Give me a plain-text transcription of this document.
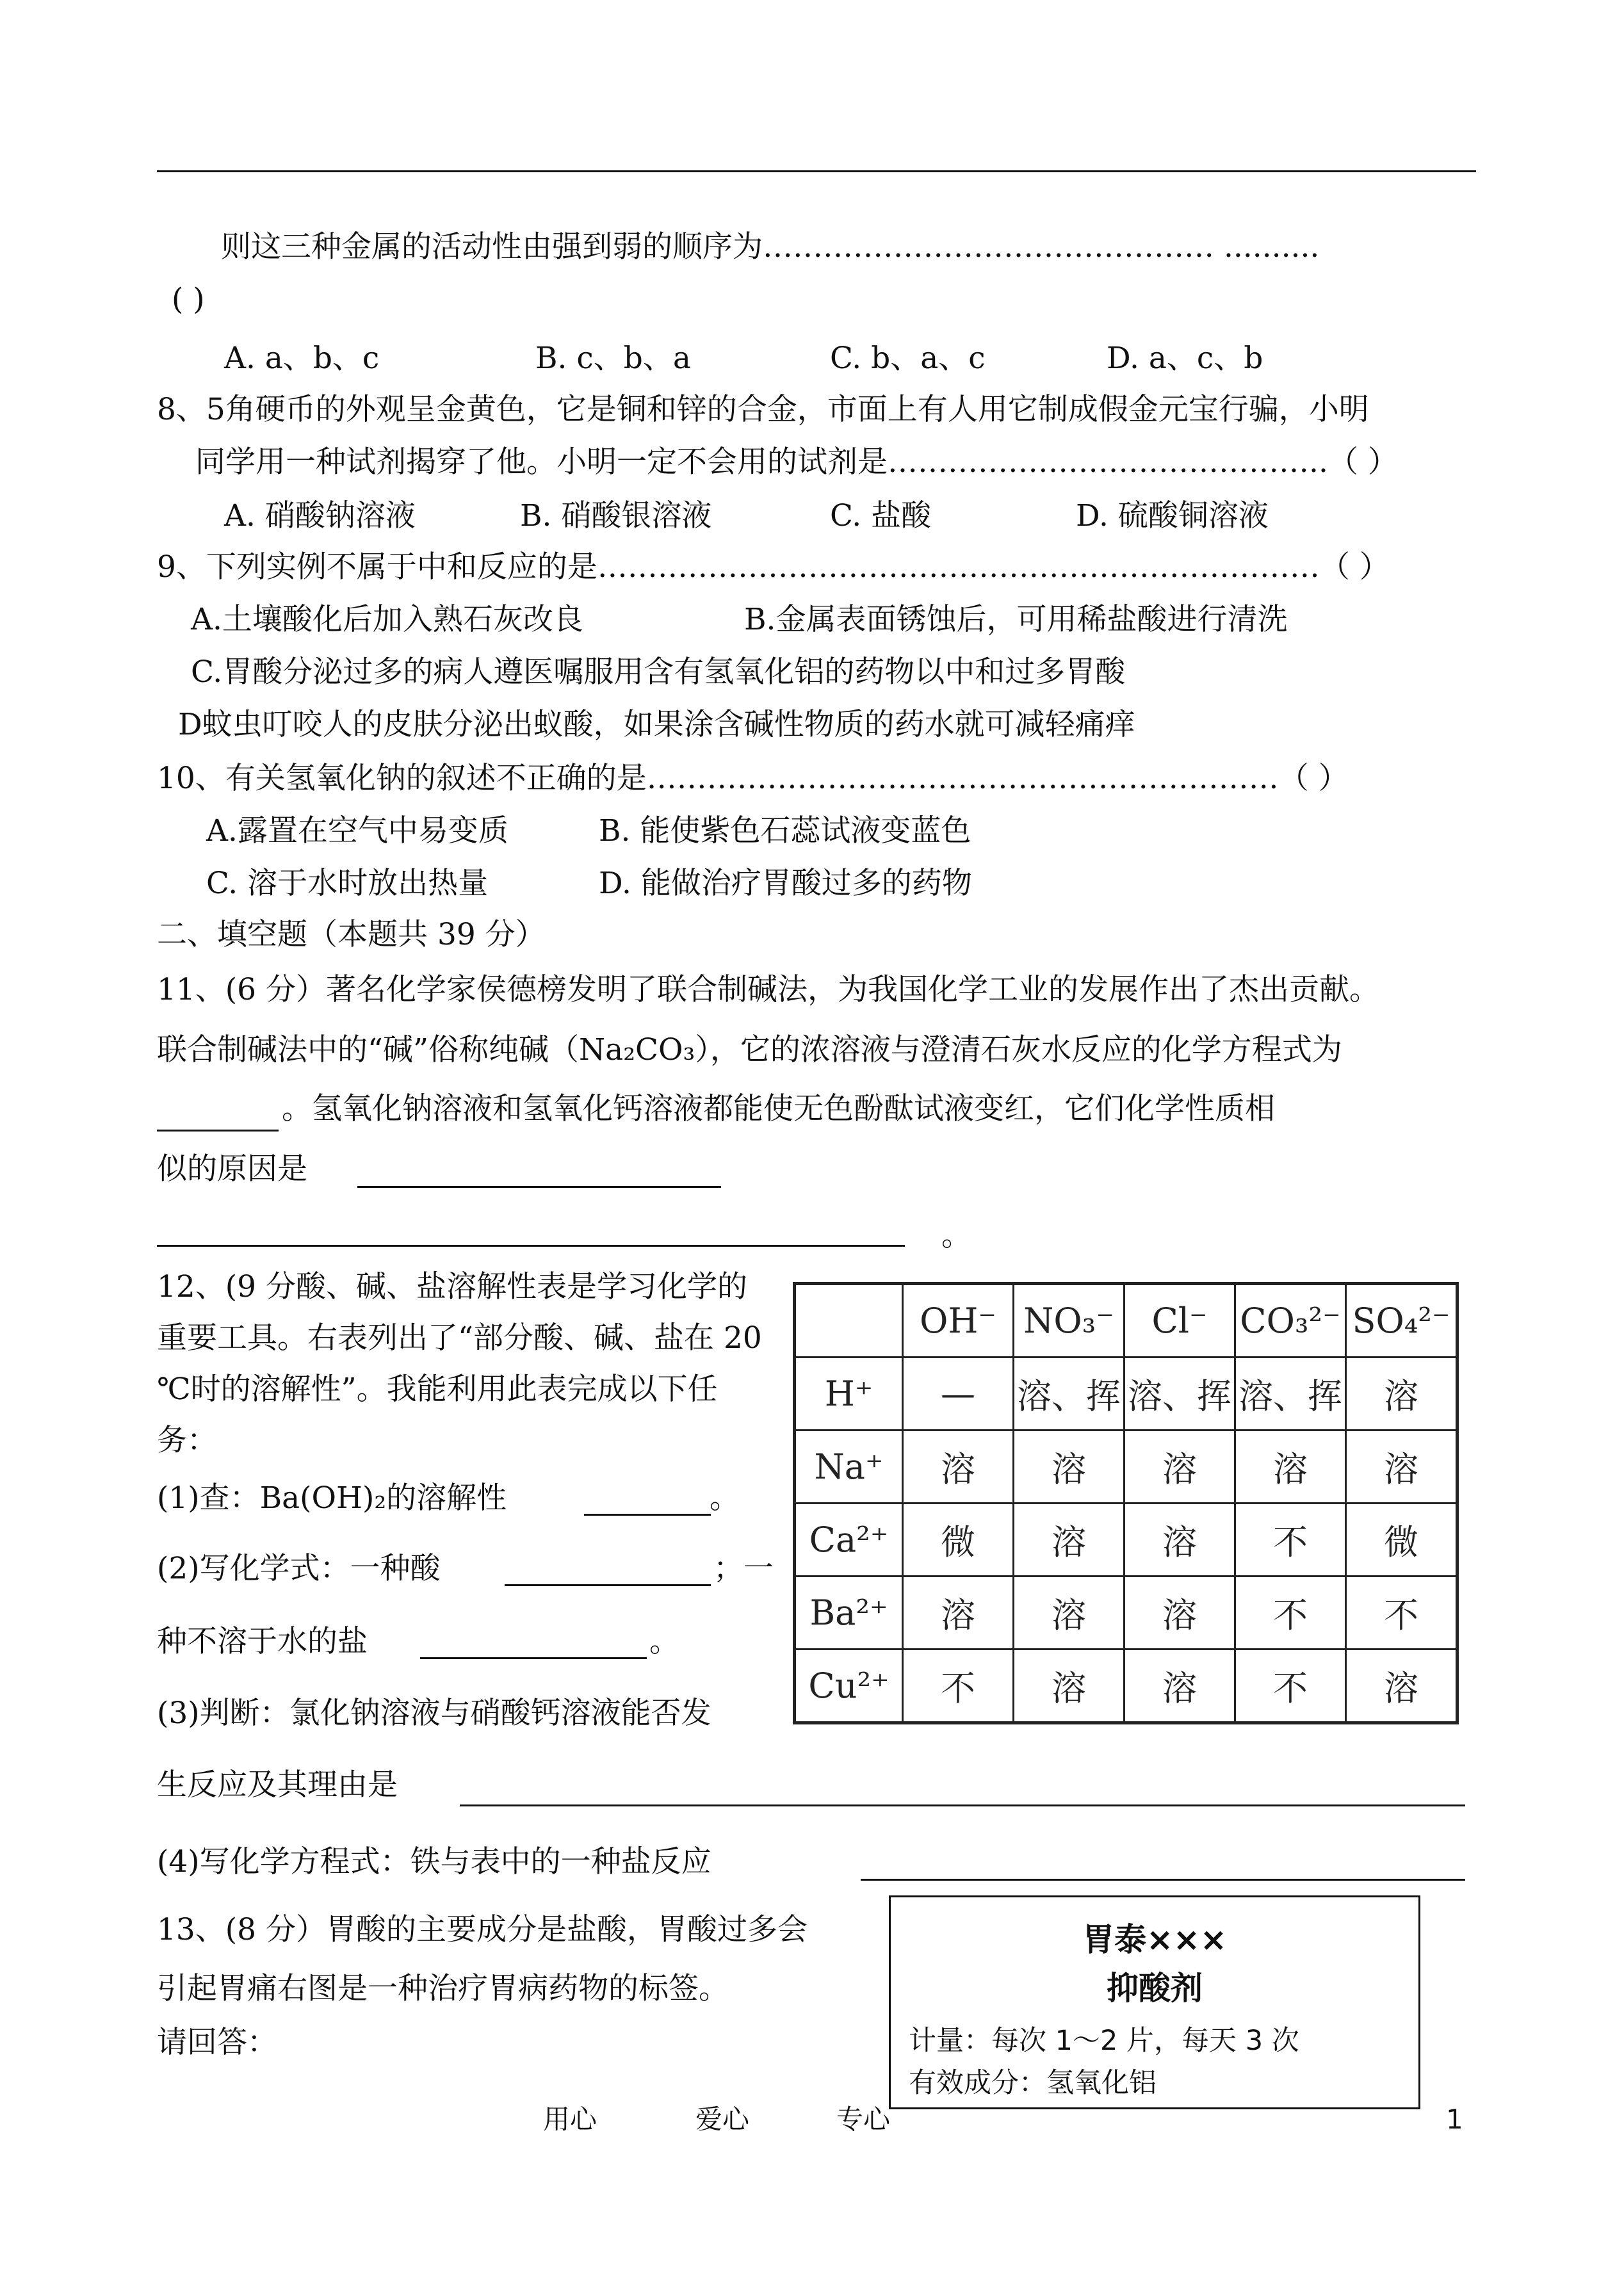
则这三种金属的活动性由强到弱的顺序为……………………………………… ..........
( )
A. a、b、c	B. c、b、a	C. b、a、c	D. a、c、b
8、5角硬币的外观呈金黄色，它是铜和锌的合金，市面上有人用它制成假金元宝行骗，小明
同学用一种试剂揭穿了他。小明一定不会用的试剂是……………………………………..（ ）
A. 硝酸钠溶液	B. 硝酸银溶液	C. 盐酸	D. 硫酸铜溶液
9、下列实例不属于中和反应的是………………………………………………………………（ ）
A.土壤酸化后加入熟石灰改良	B.金属表面锈蚀后，可用稀盐酸进行清洗
C.胃酸分泌过多的病人遵医嘱服用含有氢氧化铝的药物以中和过多胃酸
D蚊虫叮咬人的皮肤分泌出蚁酸，如果涂含碱性物质的药水就可减轻痛痒
10、有关氢氧化钠的叙述不正确的是………………………………………………………（ ）
A.露置在空气中易变质	B. 能使紫色石蕊试液变蓝色
C. 溶于水时放出热量	D. 能做治疗胃酸过多的药物
二、填空题（本题共 39 分）
11、(6 分）著名化学家侯德榜发明了联合制碱法，为我国化学工业的发展作出了杰出贡献。
联合制碱法中的“碱”俗称纯碱（Na₂CO₃），它的浓溶液与澄清石灰水反应的化学方程式为
。氢氧化钠溶液和氢氧化钙溶液都能使无色酚酞试液变红，它们化学性质相
似的原因是
。
12、(9 分酸、碱、盐溶解性表是学习化学的
重要工具。右表列出了“部分酸、碱、盐在 20
℃时的溶解性”。我能利用此表完成以下任
务：
(1)查：Ba(OH)₂的溶解性	。
(2)写化学式：一种酸	；一
种不溶于水的盐	。
(3)判断：氯化钠溶液与硝酸钙溶液能否发
生反应及其理由是
(4)写化学方程式：铁与表中的一种盐反应
	OH⁻	NO₃⁻	Cl⁻	CO₃²⁻	SO₄²⁻
H⁺	—	溶、挥	溶、挥	溶、挥	溶
Na⁺	溶	溶	溶	溶	溶
Ca²⁺	微	溶	溶	不	微
Ba²⁺	溶	溶	溶	不	不
Cu²⁺	不	溶	溶	不	溶
13、(8 分）胃酸的主要成分是盐酸，胃酸过多会
引起胃痛右图是一种治疗胃病药物的标签。
请回答：
胃泰×××
抑酸剂
计量：每次 1～2 片，每天 3 次
有效成分：氢氧化铝
用心	爱心	专心	1
